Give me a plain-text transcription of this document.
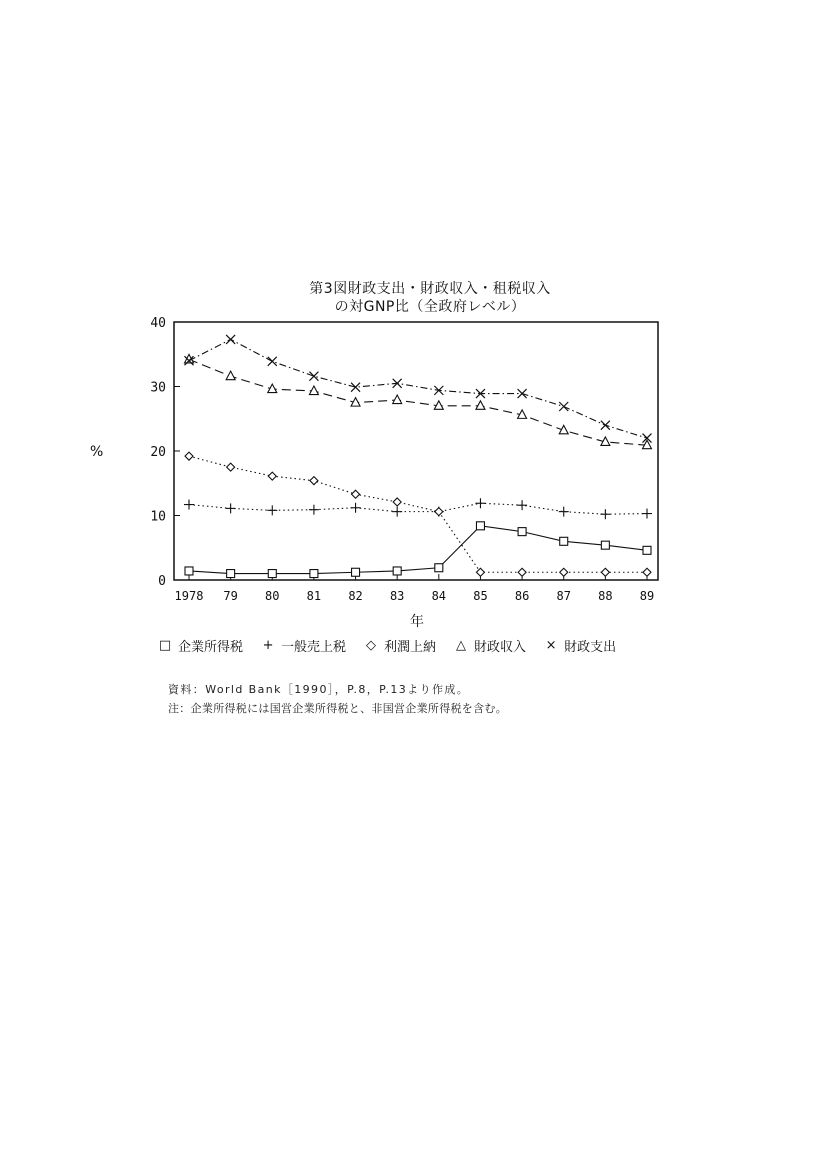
第3図財政支出・財政収入・租税収入
の対GNP比（全政府レベル）
%
0
10
20
30
40
1978 79 80 81 82 83 84 85 86 87 88 89
年
□ 企業所得税 + 一般売上税 ◇ 利潤上納 △ 財政収入 × 財政支出
資料：World Bank［1990］，P.8，P.13より作成。
注：企業所得税には国営企業所得税と、非国営企業所得税を含む。
